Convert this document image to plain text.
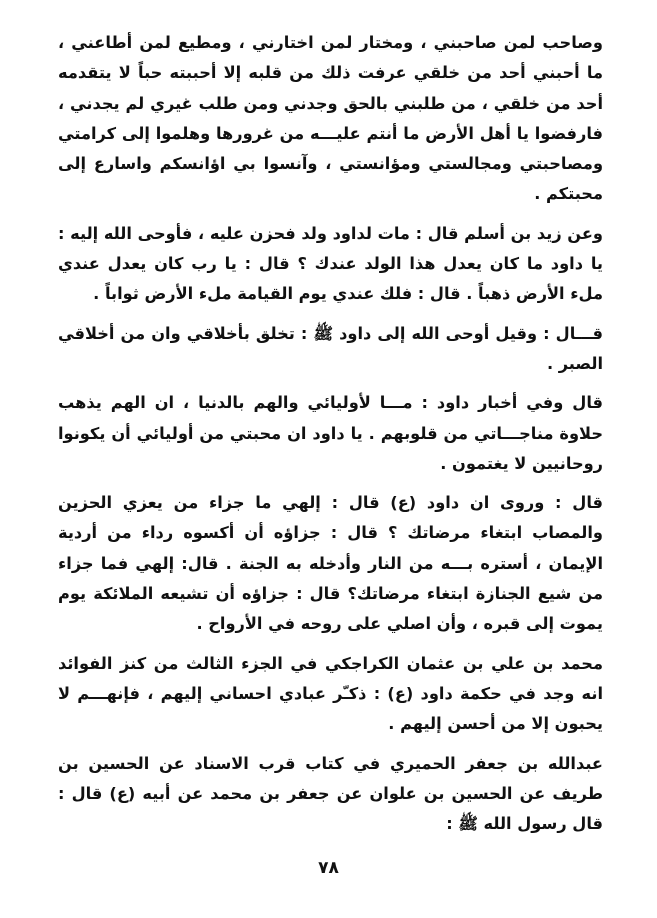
وصاحب لمن صاحبني ، ومختار لمن اختارني ، ومطيع لمن أطاعني ، ما أحبني أحد من خلقي عرفت ذلك من قلبه إلا أحببته حباً لا يتقدمه أحد من خلقي ، من طلبني بالحق وجدني ومن طلب غيري لم يجدني ، فارفضوا يا أهل الأرض ما أنتم عليـــه من غرورها وهلموا إلى كرامتي ومصاحبتي ومجالستي ومؤانستي ، وآنسوا بي اؤانسكم واسارع إلى محبتكم .

وعن زيد بن أسلم قال : مات لداود ولد فحزن عليه ، فأوحى الله إليه : يا داود ما كان يعدل هذا الولد عندك ؟ قال : يا رب كان يعدل عندي ملء الأرض ذهباً . قال : فلك عندي يوم القيامة ملء الأرض ثواباً .

قـــال : وقيل أوحى الله إلى داود ﷺ : تخلق بأخلاقي وان من أخلاقي الصبر .

قال وفي أخبار داود : مـــا لأوليائي والهم بالدنيا ، ان الهم يذهب حلاوة مناجـــاتي من قلوبهم . يا داود ان محبتي من أوليائي أن يكونوا روحانيين لا يغتمون .

قال : وروى ان داود (ع) قال : إلهي ما جزاء من يعزي الحزين والمصاب ابتغاء مرضاتك ؟ قال : جزاؤه أن أكسوه رداء من أردية الإيمان ، أستره بـــه من النار وأدخله به الجنة . قال: إلهي فما جزاء من شيع الجنازة ابتغاء مرضاتك؟ قال : جزاؤه أن تشيعه الملائكة يوم يموت إلى قبره ، وأن اصلي على روحه في الأرواح .

محمد بن علي بن عثمان الكراجكي في الجزء الثالث من كنز الفوائد انه وجد في حكمة داود (ع) : ذكـّر عبادي احساني إليهم ، فإنهـــم لا يحبون إلا من أحسن إليهم .

عبدالله بن جعفر الحميري في كتاب قرب الاسناد عن الحسين بن طريف عن الحسين بن علوان عن جعفر بن محمد عن أبيه (ع) قال : قال رسول الله ﷺ :

٧٨
